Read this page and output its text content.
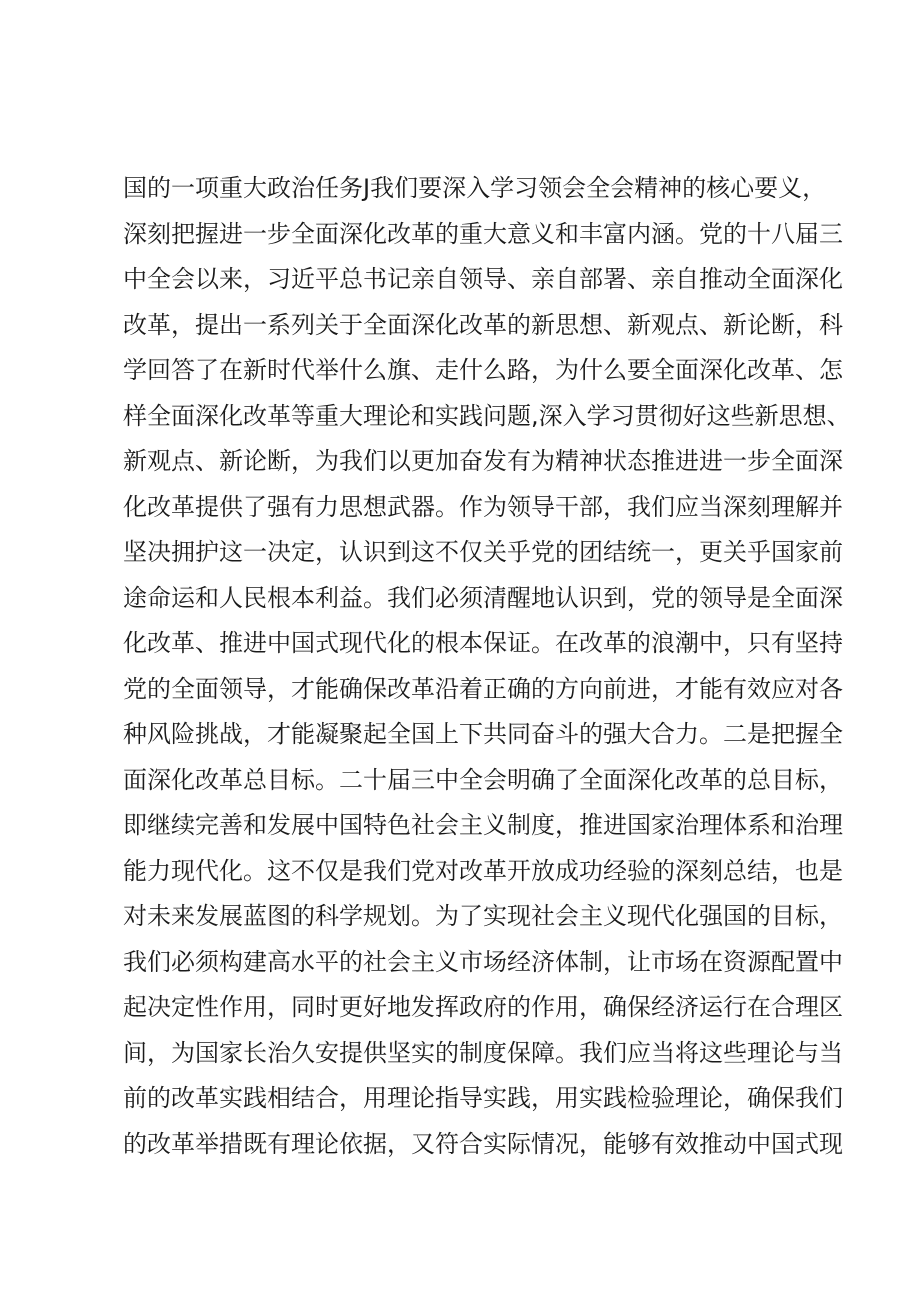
国的一项重大政治任务J我们要深入学习领会全会精神的核心要义，
深刻把握进一步全面深化改革的重大意义和丰富内涵。党的十八届三
中全会以来，习近平总书记亲自领导、亲自部署、亲自推动全面深化
改革，提出一系列关于全面深化改革的新思想、新观点、新论断，科
学回答了在新时代举什么旗、走什么路，为什么要全面深化改革、怎
样全面深化改革等重大理论和实践问题,深入学习贯彻好这些新思想、
新观点、新论断，为我们以更加奋发有为精神状态推进进一步全面深
化改革提供了强有力思想武器。作为领导干部，我们应当深刻理解并
坚决拥护这一决定，认识到这不仅关乎党的团结统一，更关乎国家前
途命运和人民根本利益。我们必须清醒地认识到，党的领导是全面深
化改革、推进中国式现代化的根本保证。在改革的浪潮中，只有坚持
党的全面领导，才能确保改革沿着正确的方向前进，才能有效应对各
种风险挑战，才能凝聚起全国上下共同奋斗的强大合力。二是把握全
面深化改革总目标。二十届三中全会明确了全面深化改革的总目标，
即继续完善和发展中国特色社会主义制度，推进国家治理体系和治理
能力现代化。这不仅是我们党对改革开放成功经验的深刻总结，也是
对未来发展蓝图的科学规划。为了实现社会主义现代化强国的目标，
我们必须构建高水平的社会主义市场经济体制，让市场在资源配置中
起决定性作用，同时更好地发挥政府的作用，确保经济运行在合理区
间，为国家长治久安提供坚实的制度保障。我们应当将这些理论与当
前的改革实践相结合，用理论指导实践，用实践检验理论，确保我们
的改革举措既有理论依据，又符合实际情况，能够有效推动中国式现
